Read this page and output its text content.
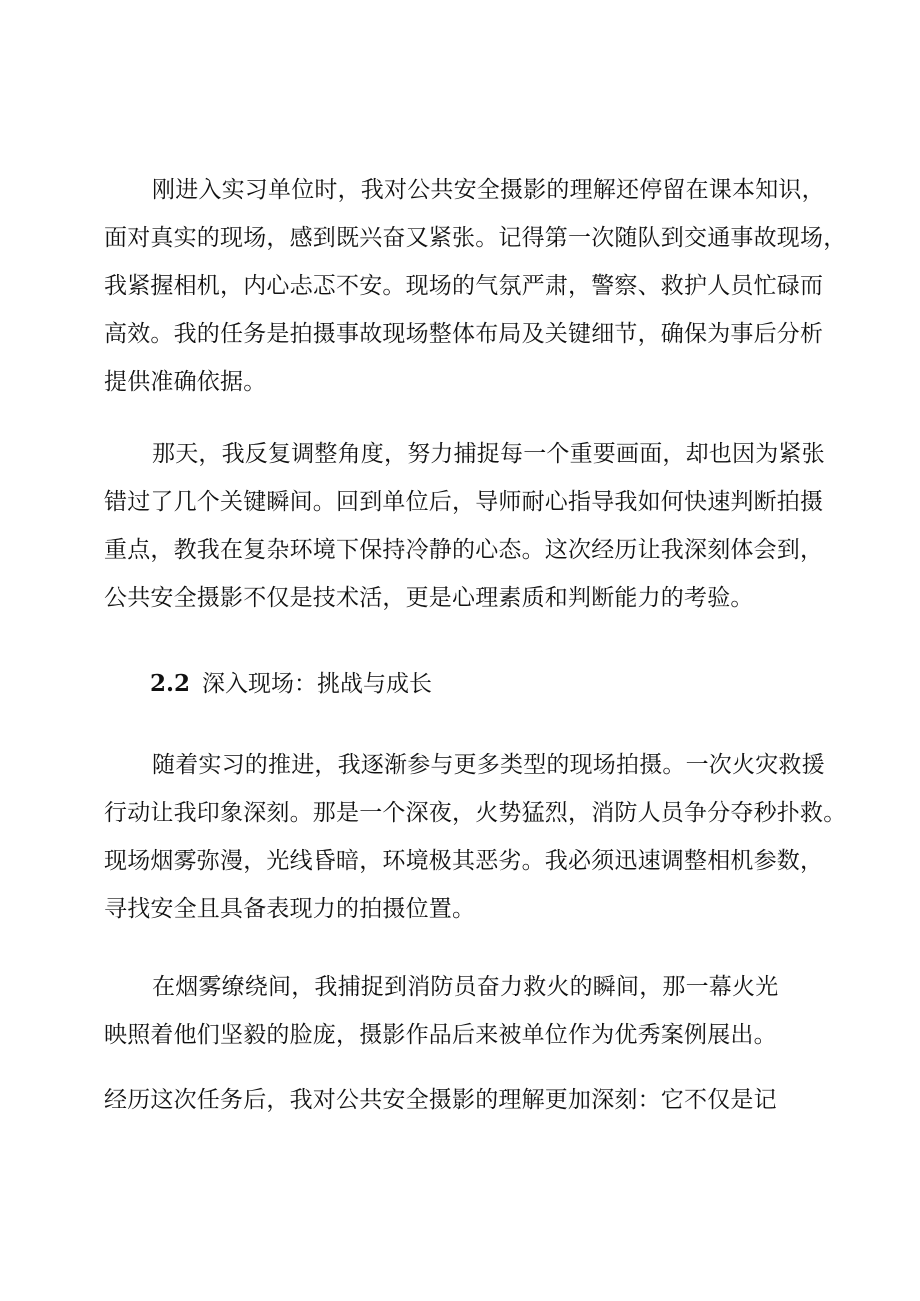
刚进入实习单位时，我对公共安全摄影的理解还停留在课本知识，
面对真实的现场，感到既兴奋又紧张。记得第一次随队到交通事故现场，
我紧握相机，内心忐忑不安。现场的气氛严肃，警察、救护人员忙碌而
高效。我的任务是拍摄事故现场整体布局及关键细节，确保为事后分析
提供准确依据。

那天，我反复调整角度，努力捕捉每一个重要画面，却也因为紧张
错过了几个关键瞬间。回到单位后，导师耐心指导我如何快速判断拍摄
重点，教我在复杂环境下保持冷静的心态。这次经历让我深刻体会到，
公共安全摄影不仅是技术活，更是心理素质和判断能力的考验。

2.2 深入现场：挑战与成长

随着实习的推进，我逐渐参与更多类型的现场拍摄。一次火灾救援
行动让我印象深刻。那是一个深夜，火势猛烈，消防人员争分夺秒扑救。
现场烟雾弥漫，光线昏暗，环境极其恶劣。我必须迅速调整相机参数，
寻找安全且具备表现力的拍摄位置。

在烟雾缭绕间，我捕捉到消防员奋力救火的瞬间，那一幕火光
映照着他们坚毅的脸庞，摄影作品后来被单位作为优秀案例展出。

经历这次任务后，我对公共安全摄影的理解更加深刻：它不仅是记
